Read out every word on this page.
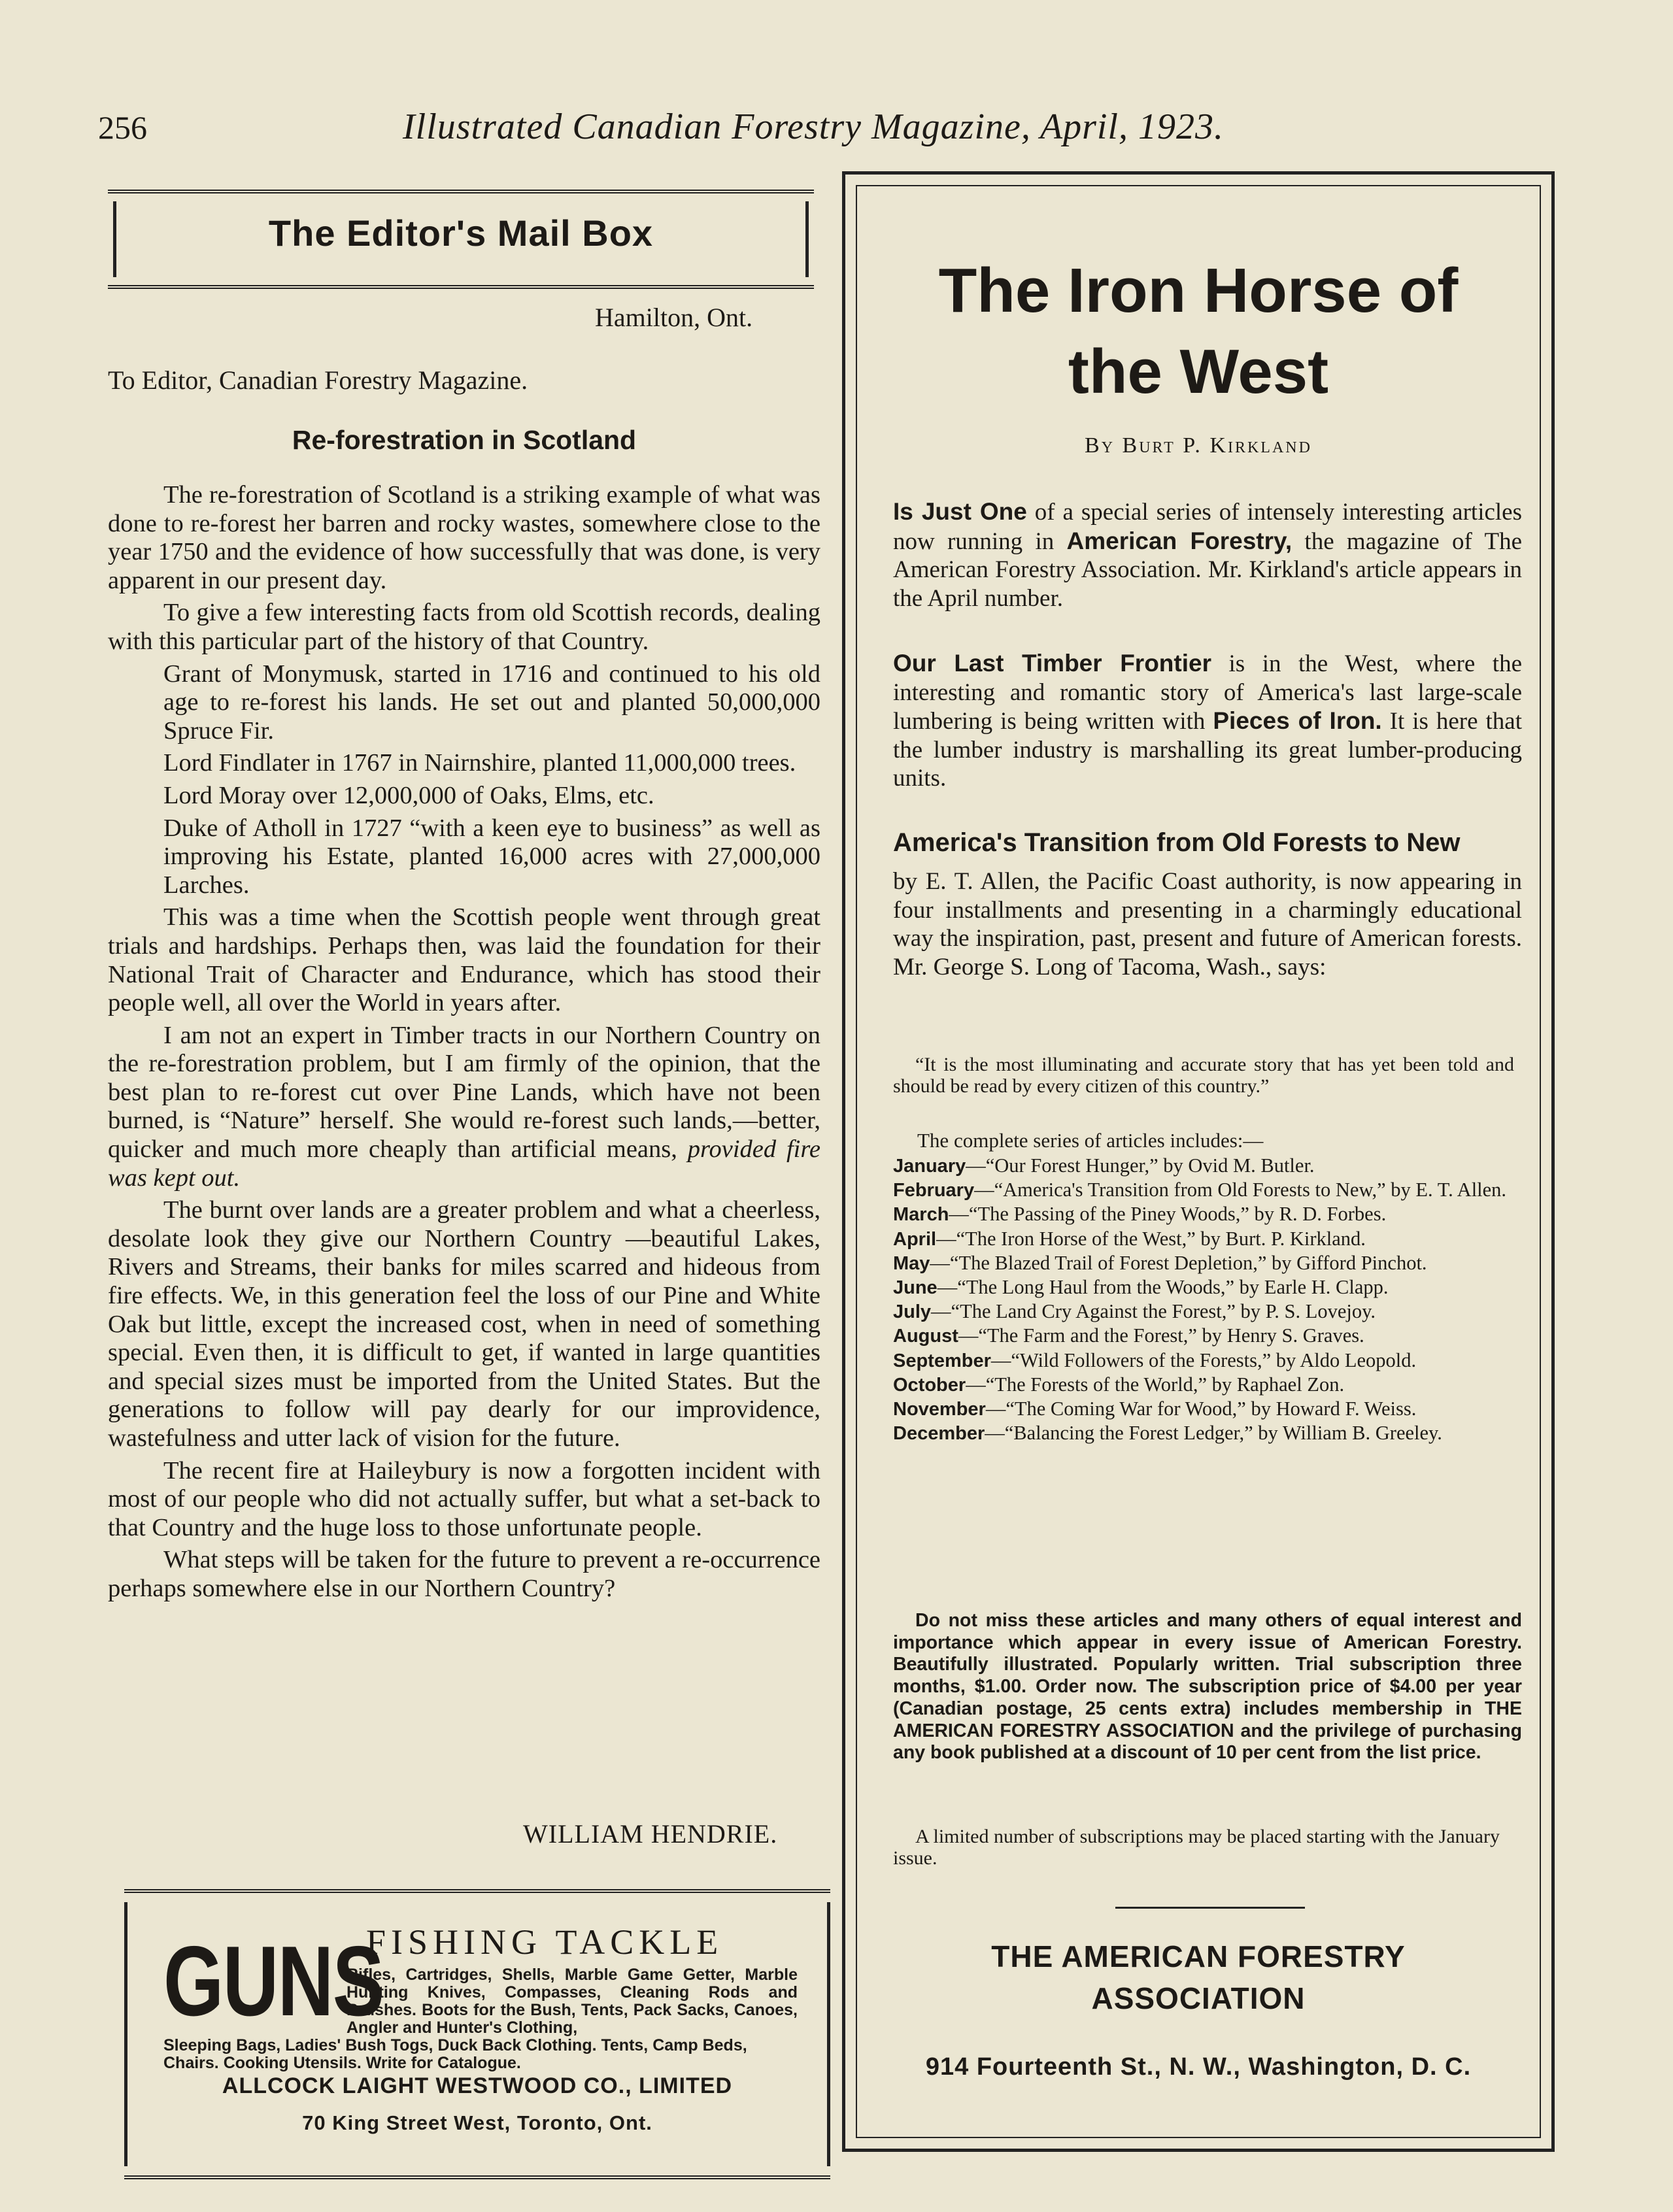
256	Illustrated Canadian Forestry Magazine, April, 1923.
The Editor's Mail Box
Hamilton, Ont.
To Editor, Canadian Forestry Magazine.
Re-forestration in Scotland

The re-forestration of Scotland is a striking example of what was done to re-forest her barren and rocky wastes, somewhere close to the year 1750 and the evidence of how successfully that was done, is very apparent in our present day.

To give a few interesting facts from old Scottish records, dealing with this particular part of the history of that Country.

Grant of Monymusk, started in 1716 and continued to his old age to re-forest his lands. He set out and planted 50,000,000 Spruce Fir.

Lord Findlater in 1767 in Nairnshire, planted 11,000,000 trees.

Lord Moray over 12,000,000 of Oaks, Elms, etc.

Duke of Atholl in 1727 “with a keen eye to business” as well as improving his Estate, planted 16,000 acres with 27,000,000 Larches.

This was a time when the Scottish people went through great trials and hardships. Perhaps then, was laid the foundation for their National Trait of Character and Endurance, which has stood their people well, all over the World in years after.

I am not an expert in Timber tracts in our Northern Country on the re-forestration problem, but I am firmly of the opinion, that the best plan to re-forest cut over Pine Lands, which have not been burned, is “Nature” herself. She would re-forest such lands,—better, quicker and much more cheaply than artificial means, provided fire was kept out.

The burnt over lands are a greater problem and what a cheerless, desolate look they give our Northern Country —beautiful Lakes, Rivers and Streams, their banks for miles scarred and hideous from fire effects. We, in this generation feel the loss of our Pine and White Oak but little, except the increased cost, when in need of something special. Even then, it is difficult to get, if wanted in large quantities and special sizes must be imported from the United States. But the generations to follow will pay dearly for our improvidence, wastefulness and utter lack of vision for the future.

The recent fire at Haileybury is now a forgotten incident with most of our people who did not actually suffer, but what a set-back to that Country and the huge loss to those unfortunate people.

What steps will be taken for the future to prevent a re-occurrence perhaps somewhere else in our Northern Country?

WILLIAM HENDRIE.
GUNS
FISHING TACKLE
Rifles, Cartridges, Shells, Marble Game Getter, Marble Hunting Knives, Compasses, Cleaning Rods and Brushes. Boots for the Bush, Tents, Pack Sacks, Canoes, Angler and Hunter's Clothing,
Sleeping Bags, Ladies' Bush Togs, Duck Back Clothing. Tents, Camp Beds, Chairs. Cooking Utensils. Write for Catalogue.
ALLCOCK LAIGHT WESTWOOD CO., LIMITED
70 King Street West, Toronto, Ont.
The Iron Horse of
the West
By Burt P. Kirkland
Is Just One of a special series of intensely interesting articles now running in American Forestry, the magazine of The American Forestry Association. Mr. Kirkland's article appears in the April number.
Our Last Timber Frontier is in the West, where the interesting and romantic story of America's last large-scale lumbering is being written with Pieces of Iron. It is here that the lumber industry is marshalling its great lumber-producing units.
America's Transition from Old Forests to New
by E. T. Allen, the Pacific Coast authority, is now appearing in four installments and presenting in a charmingly educational way the inspiration, past, present and future of American forests. Mr. George S. Long of Tacoma, Wash., says:
“It is the most illuminating and accurate story that has yet been told and should be read by every citizen of this country.”
The complete series of articles includes:—
January—“Our Forest Hunger,” by Ovid M. Butler.
February—“America's Transition from Old Forests to New,” by E. T. Allen.
March—“The Passing of the Piney Woods,” by R. D. Forbes.
April—“The Iron Horse of the West,” by Burt. P. Kirkland.
May—“The Blazed Trail of Forest Depletion,” by Gifford Pinchot.
June—“The Long Haul from the Woods,” by Earle H. Clapp.
July—“The Land Cry Against the Forest,” by P. S. Lovejoy.
August—“The Farm and the Forest,” by Henry S. Graves.
September—“Wild Followers of the Forests,” by Aldo Leopold.
October—“The Forests of the World,” by Raphael Zon.
November—“The Coming War for Wood,” by Howard F. Weiss.
December—“Balancing the Forest Ledger,” by William B. Greeley.
Do not miss these articles and many others of equal interest and importance which appear in every issue of American Forestry. Beautifully illustrated. Popularly written. Trial subscription three months, $1.00. Order now. The subscription price of $4.00 per year (Canadian postage, 25 cents extra) includes membership in THE AMERICAN FORESTRY ASSOCIATION and the privilege of purchasing any book published at a discount of 10 per cent from the list price.
A limited number of subscriptions may be placed starting with the January issue.
THE AMERICAN FORESTRY
ASSOCIATION
914 Fourteenth St., N. W., Washington, D. C.
